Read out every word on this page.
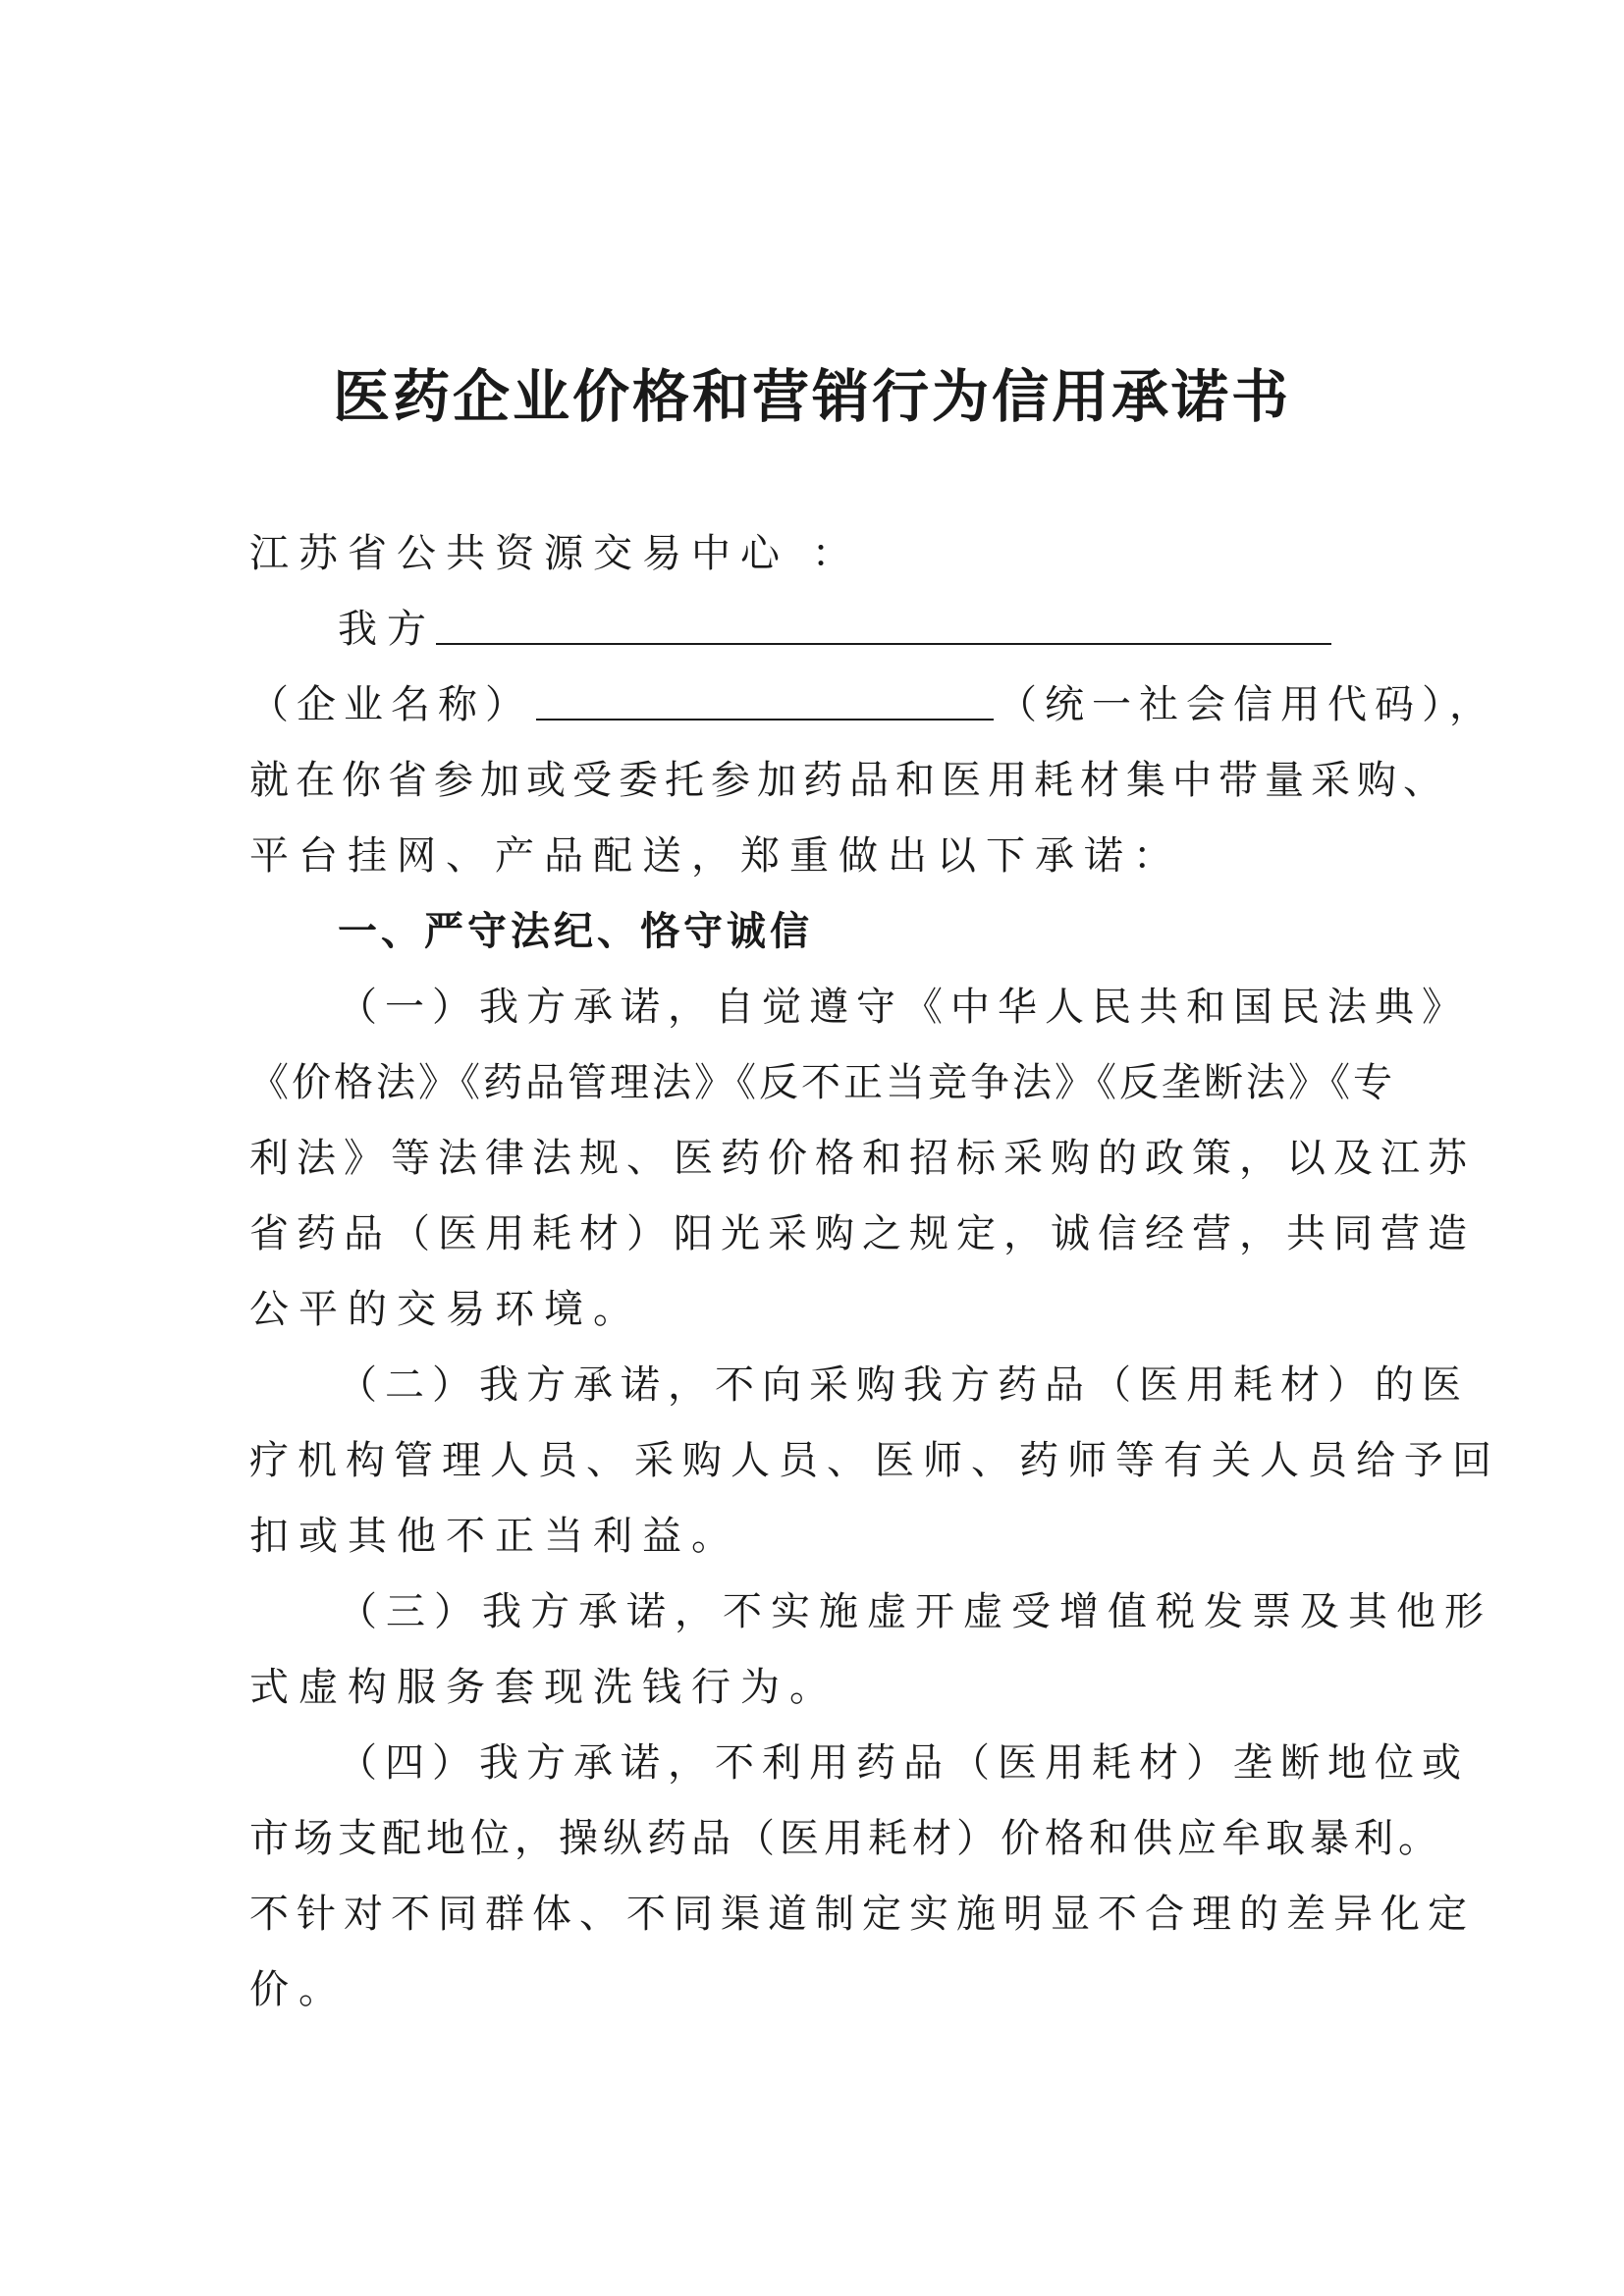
医药企业价格和营销行为信用承诺书
江苏省公共资源交易中心 ：
我方
（企业名称）	（统一社会信用代码），
就在你省参加或受委托参加药品和医用耗材集中带量采购、
平台挂网、产品配送，郑重做出以下承诺：
一、严守法纪、恪守诚信
（一）我方承诺，自觉遵守《中华人民共和国民法典》
《价格法》《药品管理法》《反不正当竞争法》《反垄断法》《专
利法》等法律法规、医药价格和招标采购的政策，以及江苏
省药品（医用耗材）阳光采购之规定，诚信经营，共同营造
公平的交易环境。
（二）我方承诺，不向采购我方药品（医用耗材）的医
疗机构管理人员、采购人员、医师、药师等有关人员给予回
扣或其他不正当利益。
（三）我方承诺，不实施虚开虚受增值税发票及其他形
式虚构服务套现洗钱行为。
（四）我方承诺，不利用药品（医用耗材）垄断地位或
市场支配地位，操纵药品（医用耗材）价格和供应牟取暴利。
不针对不同群体、不同渠道制定实施明显不合理的差异化定
价。
